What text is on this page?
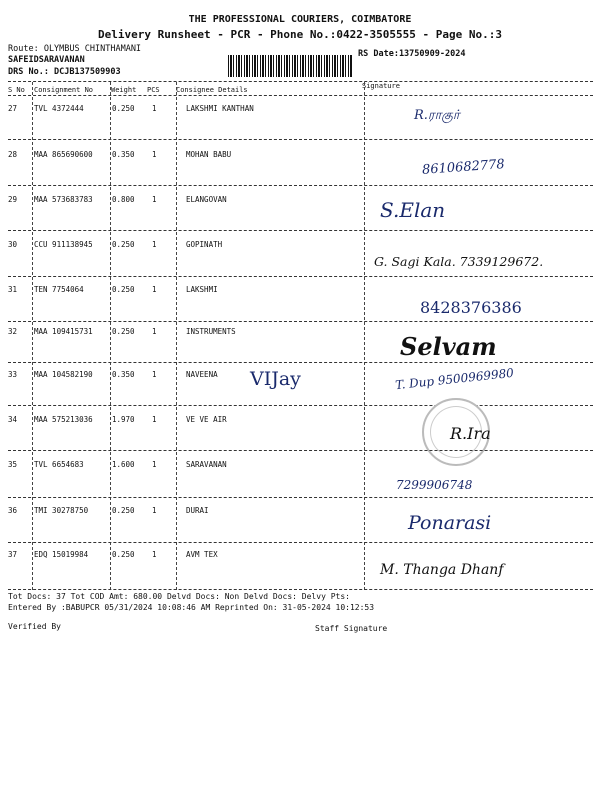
THE PROFESSIONAL COURIERS, COIMBATORE
Delivery Runsheet - PCR - Phone No.:0422-3505555 - Page No.:3
Route: OLYMBUS CHINTHAMANI
SAFEIDSARAVANAN
DRS No.: DCJB137509903
RS Date:13750909-2024
S No Consignment No	Weight PCS Consignee Details	Signature
27 TVL 4372444	0.250 1	LAKSHMI KANTHAN	R.ராகுர்
28 MAA 865690600	0.350 1	MOHAN BABU
8610682778
29 MAA 573683783	0.800 1	ELANGOVAN	S.Elan
30 CCU 911138945	0.250 1	GOPINATH
G. Sagi Kala. 7339129672.
31 TEN 7754064	0.250 1	LAKSHMI
8428376386
32 MAA 109415731	0.250 1	INSTRUMENTS
Selvam
33 MAA 104582190	0.350 1	NAVEENA VIJay	T. Dup 9500969980
34 MAA 575213036	1.970 1	VE VE AIR
R.Ira
35 TVL 6654683	1.600 1	SARAVANAN
7299906748
36 TMI 30278750	0.250 1	DURAI
Ponarasi
37 EDQ 15019984	0.250 1	AVM TEX
M. Thanga Dhanf
Tot Docs: 37 Tot COD Amt: 680.00 Delvd Docs: Non Delvd Docs: Delvy Pts:
Entered By :BABUPCR 05/31/2024 10:08:46 AM Reprinted On: 31-05-2024 10:12:53
Verified By	Staff Signature
